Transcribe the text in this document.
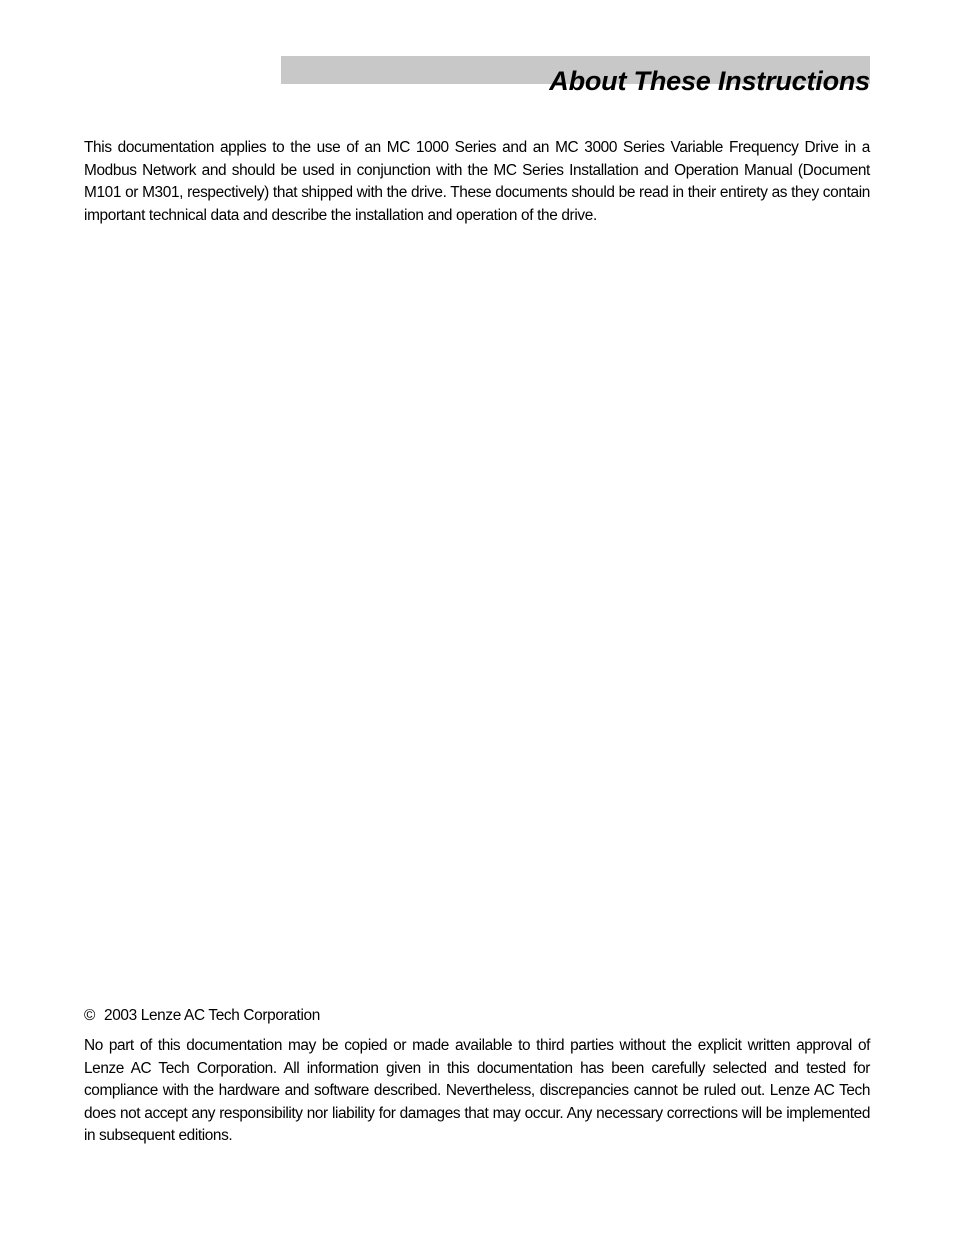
About These Instructions

This documentation applies to the use of an MC 1000 Series and an MC 3000 Series Variable Frequency Drive in a Modbus Network and should be used in conjunction with the MC Series Installation and Operation Manual (Document M101 or M301, respectively) that shipped with the drive. These documents should be read in their entirety as they contain important technical data and describe the installation and operation of the drive.

© 2003 Lenze AC Tech Corporation

No part of this documentation may be copied or made available to third parties without the explicit written approval of Lenze AC Tech Corporation. All information given in this documentation has been carefully selected and tested for compliance with the hardware and software described. Nevertheless, discrepancies cannot be ruled out. Lenze AC Tech does not accept any responsibility nor liability for damages that may occur. Any necessary corrections will be implemented in subsequent editions.
